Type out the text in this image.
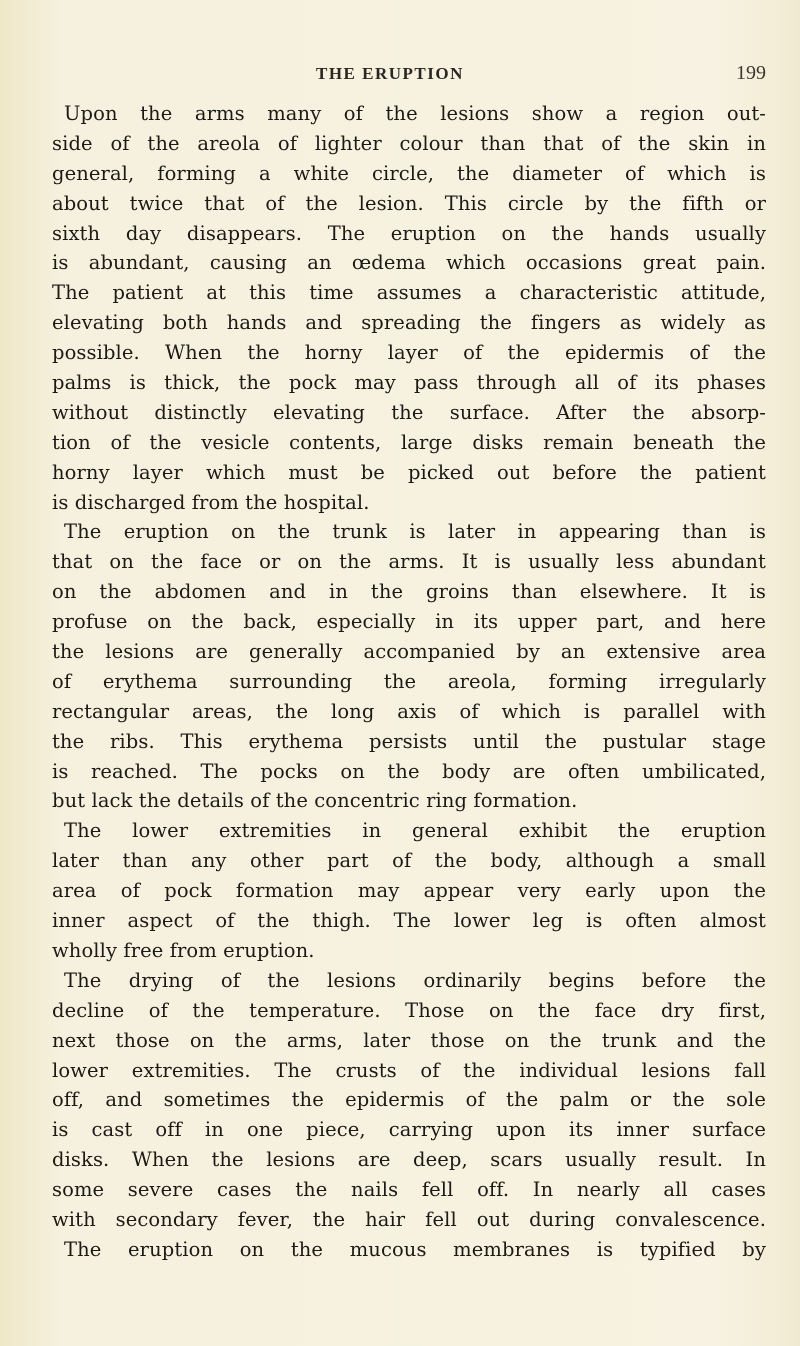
THE ERUPTION	199
Upon the arms many of the lesions show a region out-
side of the areola of lighter colour than that of the skin in
general, forming a white circle, the diameter of which is
about twice that of the lesion. This circle by the fifth or
sixth day disappears. The eruption on the hands usually
is abundant, causing an œdema which occasions great pain.
The patient at this time assumes a characteristic attitude,
elevating both hands and spreading the fingers as widely as
possible. When the horny layer of the epidermis of the
palms is thick, the pock may pass through all of its phases
without distinctly elevating the surface. After the absorp-
tion of the vesicle contents, large disks remain beneath the
horny layer which must be picked out before the patient
is discharged from the hospital.
The eruption on the trunk is later in appearing than is
that on the face or on the arms. It is usually less abundant
on the abdomen and in the groins than elsewhere. It is
profuse on the back, especially in its upper part, and here
the lesions are generally accompanied by an extensive area
of erythema surrounding the areola, forming irregularly
rectangular areas, the long axis of which is parallel with
the ribs. This erythema persists until the pustular stage
is reached. The pocks on the body are often umbilicated,
but lack the details of the concentric ring formation.
The lower extremities in general exhibit the eruption
later than any other part of the body, although a small
area of pock formation may appear very early upon the
inner aspect of the thigh. The lower leg is often almost
wholly free from eruption.
The drying of the lesions ordinarily begins before the
decline of the temperature. Those on the face dry first,
next those on the arms, later those on the trunk and the
lower extremities. The crusts of the individual lesions fall
off, and sometimes the epidermis of the palm or the sole
is cast off in one piece, carrying upon its inner surface
disks. When the lesions are deep, scars usually result. In
some severe cases the nails fell off. In nearly all cases
with secondary fever, the hair fell out during convalescence.
The eruption on the mucous membranes is typified by
